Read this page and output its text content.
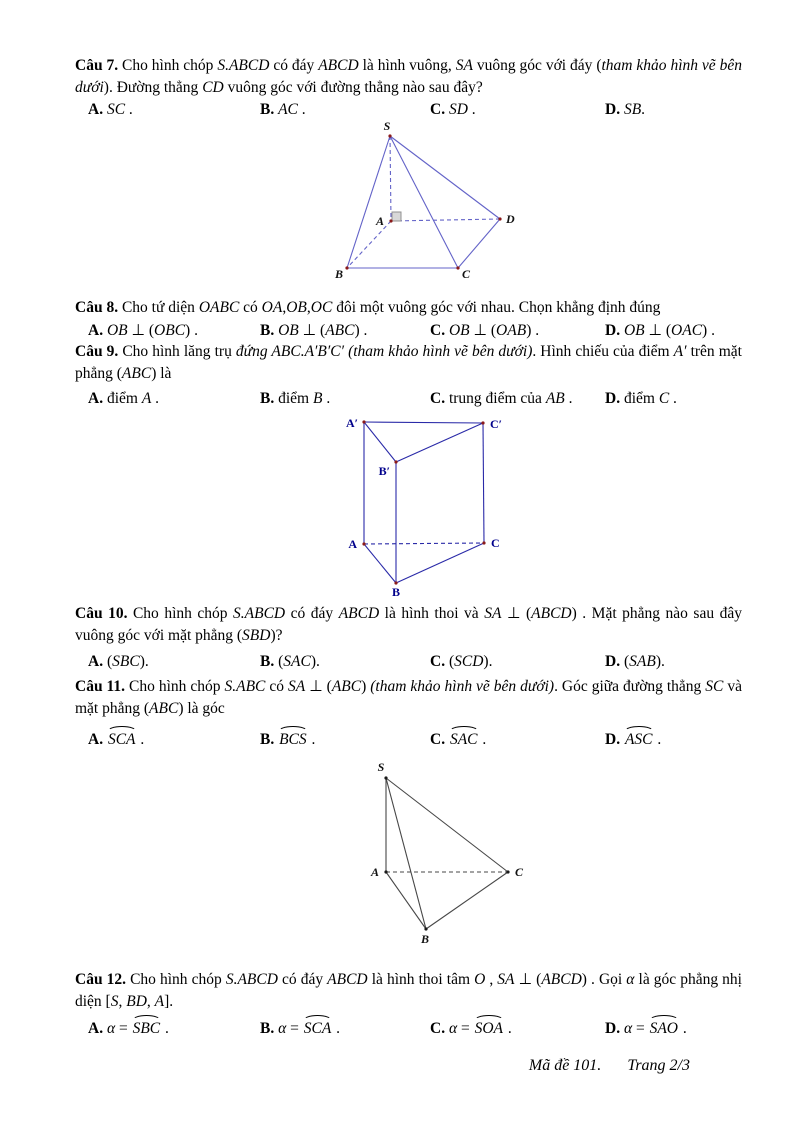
Câu 7. Cho hình chóp S.ABCD có đáy ABCD là hình vuông, SA vuông góc với đáy (tham khảo hình vẽ bên dưới). Đường thẳng CD vuông góc với đường thẳng nào sau đây?
A. SC .	B. AC .	C. SD .	D. SB.
S
A
B	C
D
Câu 8. Cho tứ diện OABC có OA,OB,OC đôi một vuông góc với nhau. Chọn khẳng định đúng
A. OB ⊥ (OBC) .	B. OB ⊥ (ABC) .	C. OB ⊥ (OAB) .	D. OB ⊥ (OAC) .
Câu 9. Cho hình lăng trụ đứng ABC.A′B′C′ (tham khảo hình vẽ bên dưới). Hình chiếu của điểm A′ trên mặt phẳng (ABC) là
A. điểm A .	B. điểm B .	C. trung điểm của AB .	D. điểm C .
A′	C′
B′
A	C
B
Câu 10. Cho hình chóp S.ABCD có đáy ABCD là hình thoi và SA ⊥ (ABCD) . Mặt phẳng nào sau đây vuông góc với mặt phẳng (SBD)?
A. (SBC).	B. (SAC).	C. (SCD).	D. (SAB).
Câu 11. Cho hình chóp S.ABC có SA ⊥ (ABC) (tham khảo hình vẽ bên dưới). Góc giữa đường thẳng SC và mặt phẳng (ABC) là góc
A. SCA .	B. BCS .	C. SAC .	D. ASC .
S
A	C
B
Câu 12. Cho hình chóp S.ABCD có đáy ABCD là hình thoi tâm O , SA ⊥ (ABCD) . Gọi α là góc phẳng nhị diện [S, BD, A].
A. α = SBC .	B. α = SCA .	C. α = SOA .	D. α = SAO .
Mã đề 101. Trang 2/3
